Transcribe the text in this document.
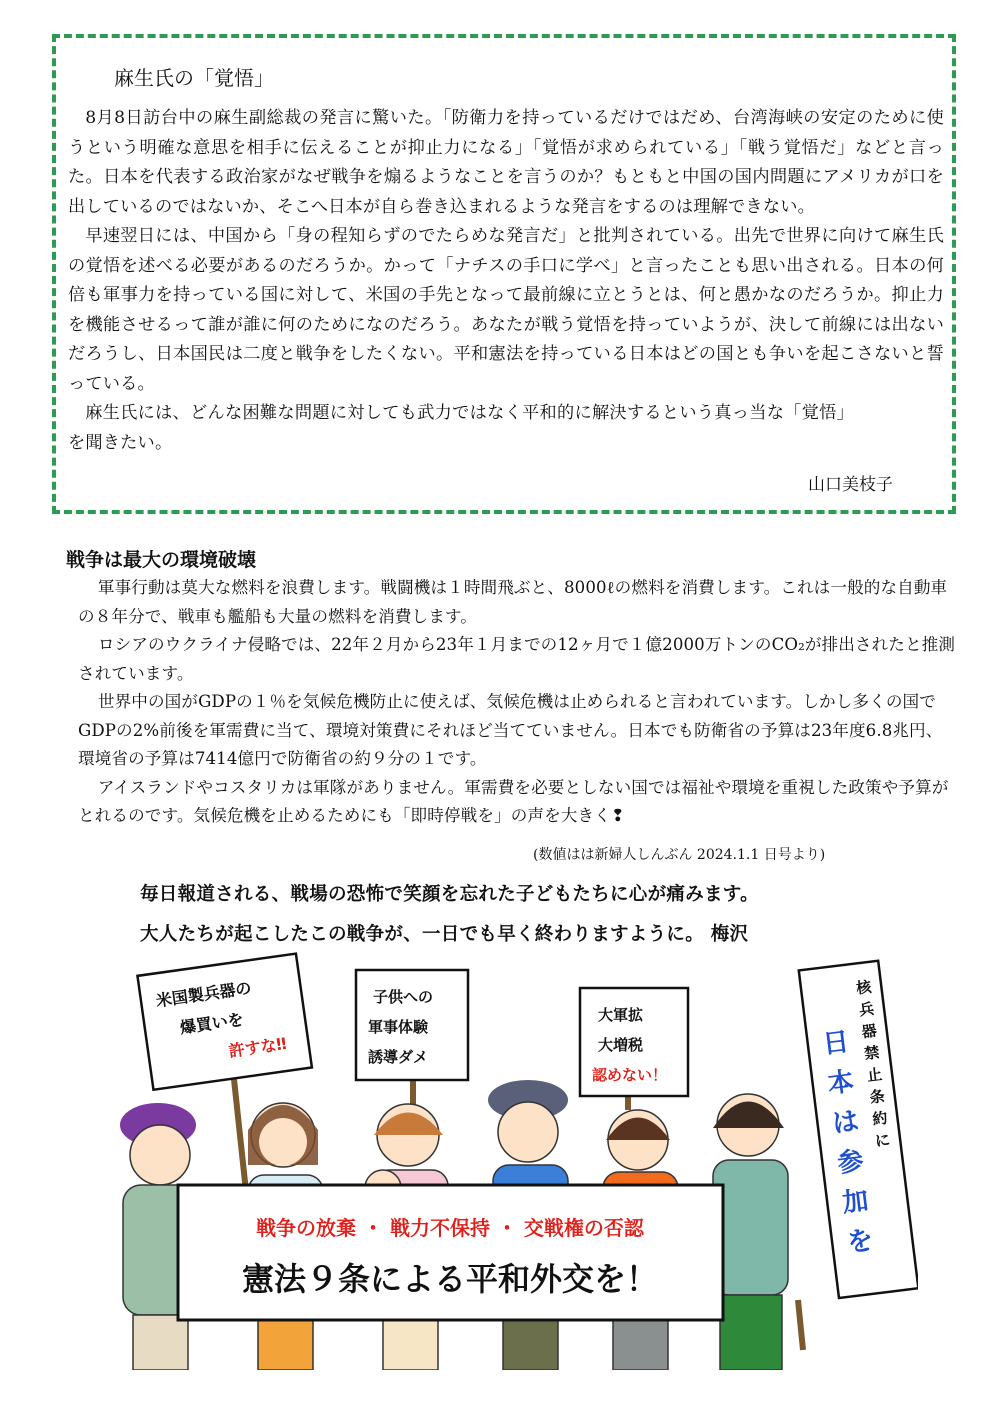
麻生氏の「覚悟」

8月8日訪台中の麻生副総裁の発言に驚いた。「防衛力を持っているだけではだめ、台湾海峡の安定のために使うという明確な意思を相手に伝えることが抑止力になる」「覚悟が求められている」「戦う覚悟だ」などと言った。日本を代表する政治家がなぜ戦争を煽るようなことを言うのか？もともと中国の国内問題にアメリカが口を出しているのではないか、そこへ日本が自ら巻き込まれるような発言をするのは理解できない。

早速翌日には、中国から「身の程知らずのでたらめな発言だ」と批判されている。出先で世界に向けて麻生氏の覚悟を述べる必要があるのだろうか。かって「ナチスの手口に学べ」と言ったことも思い出される。日本の何倍も軍事力を持っている国に対して、米国の手先となって最前線に立とうとは、何と愚かなのだろうか。抑止力を機能させるって誰が誰に何のためになのだろう。あなたが戦う覚悟を持っていようが、決して前線には出ないだろうし、日本国民は二度と戦争をしたくない。平和憲法を持っている日本はどの国とも争いを起こさないと誓っている。

麻生氏には、どんな困難な問題に対しても武力ではなく平和的に解決するという真っ当な「覚悟」を聞きたい。

山口美枝子
戦争は最大の環境破壊

軍事行動は莫大な燃料を浪費します。戦闘機は１時間飛ぶと、8000ℓの燃料を消費します。これは一般的な自動車の８年分で、戦車も艦船も大量の燃料を消費します。

ロシアのウクライナ侵略では、22年２月から23年１月までの12ヶ月で１億2000万トンのCO₂が排出されたと推測されています。

世界中の国がGDPの１％を気候危機防止に使えば、気候危機は止められると言われています。しかし多くの国でGDPの2%前後を軍需費に当て、環境対策費にそれほど当てていません。日本でも防衛省の予算は23年度6.8兆円、環境省の予算は7414億円で防衛省の約９分の１です。

アイスランドやコスタリカは軍隊がありません。軍需費を必要としない国では福祉や環境を重視した政策や予算がとれるのです。気候危機を止めるためにも「即時停戦を」の声を大きく❢

(数値はは新婦人しんぶん 2024.1.1 日号より)
毎日報道される、戦場の恐怖で笑顔を忘れた子どもたちに心が痛みます。
大人たちが起こしたこの戦争が、一日でも早く終わりますように。 梅沢
米国製兵器の
爆買いを
許すな‼
子供への
軍事体験
誘導ダメ
大軍拡
大増税
認めない！
核
兵
器
禁
止
条
約
に
日
本
は
参
加
を
戦争の放棄 ・ 戦力不保持 ・ 交戦権の否認
憲法９条による平和外交を！
